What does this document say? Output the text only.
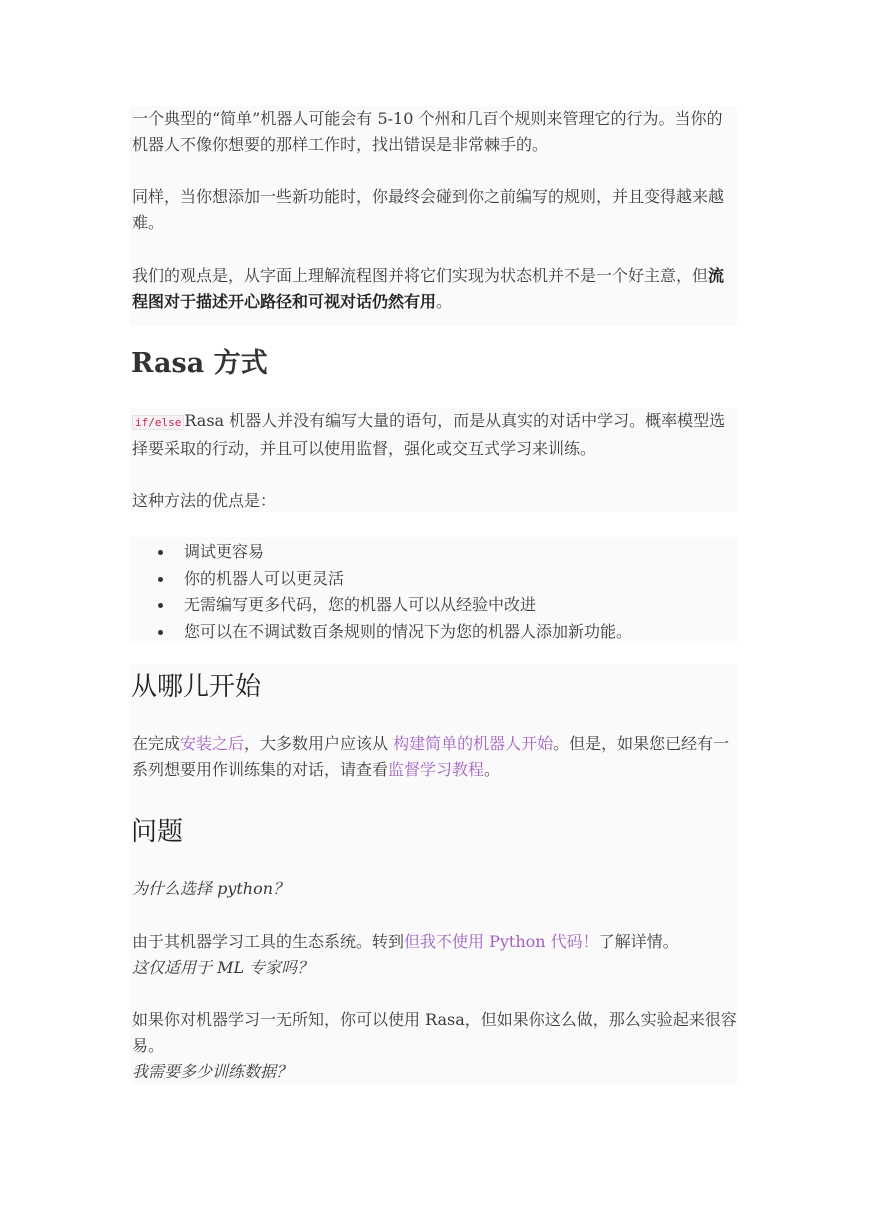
一个典型的“简单”机器人可能会有 5-10 个州和几百个规则来管理它的行为。当你的机器人不像你想要的那样工作时，找出错误是非常棘手的。

同样，当你想添加一些新功能时，你最终会碰到你之前编写的规则，并且变得越来越难。

我们的观点是，从字面上理解流程图并将它们实现为状态机并不是一个好主意，但流程图对于描述开心路径和可视对话仍然有用。

Rasa 方式

if/else Rasa 机器人并没有编写大量的语句，而是从真实的对话中学习。概率模型选择要采取的行动，并且可以使用监督，强化或交互式学习来训练。

这种方法的优点是：

调试更容易
你的机器人可以更灵活
无需编写更多代码，您的机器人可以从经验中改进
您可以在不调试数百条规则的情况下为您的机器人添加新功能。
从哪儿开始

在完成安装之后，大多数用户应该从 构建简单的机器人开始。但是，如果您已经有一系列想要用作训练集的对话，请查看监督学习教程。

问题

为什么选择 python？

由于其机器学习工具的生态系统。转到但我不使用 Python 代码！了解详情。

这仅适用于 ML 专家吗？

如果你对机器学习一无所知，你可以使用 Rasa，但如果你这么做，那么实验起来很容易。

我需要多少训练数据？
